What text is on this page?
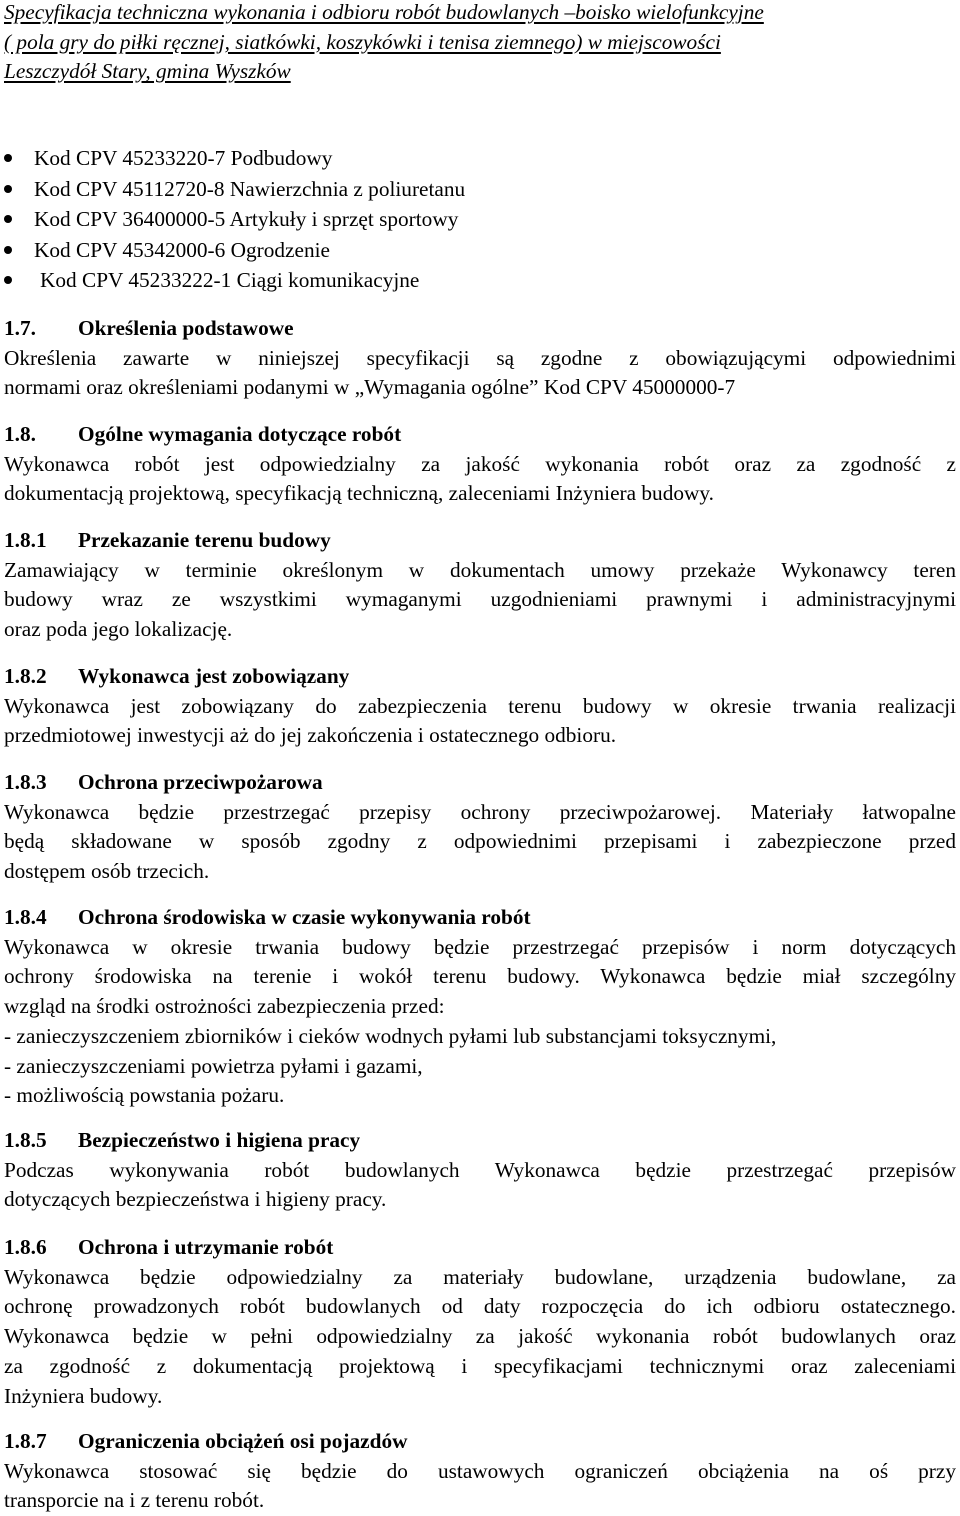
Specyfikacja techniczna wykonania i odbioru robót budowlanych –boisko wielofunkcyjne
( pola gry do piłki ręcznej, siatkówki, koszykówki i tenisa ziemnego) w miejscowości
Leszczydół Stary, gmina Wyszków
Kod CPV 45233220-7 Podbudowy
Kod CPV 45112720-8 Nawierzchnia z poliuretanu
Kod CPV 36400000-5 Artykuły i sprzęt sportowy
Kod CPV 45342000-6 Ogrodzenie
Kod CPV 45233222-1 Ciągi komunikacyjne
1.7. Określenia podstawowe

Określenia zawarte w niniejszej specyfikacji są zgodne z obowiązującymi odpowiednimi

normami oraz określeniami podanymi w „Wymagania ogólne” Kod CPV 45000000-7

1.8. Ogólne wymagania dotyczące robót

Wykonawca robót jest odpowiedzialny za jakość wykonania robót oraz za zgodność z

dokumentacją projektową, specyfikacją techniczną, zaleceniami Inżyniera budowy.

1.8.1 Przekazanie terenu budowy

Zamawiający w terminie określonym w dokumentach umowy przekaże Wykonawcy teren

budowy wraz ze wszystkimi wymaganymi uzgodnieniami prawnymi i administracyjnymi

oraz poda jego lokalizację.

1.8.2 Wykonawca jest zobowiązany

Wykonawca jest zobowiązany do zabezpieczenia terenu budowy w okresie trwania realizacji

przedmiotowej inwestycji aż do jej zakończenia i ostatecznego odbioru.

1.8.3 Ochrona przeciwpożarowa

Wykonawca będzie przestrzegać przepisy ochrony przeciwpożarowej. Materiały łatwopalne

będą składowane w sposób zgodny z odpowiednimi przepisami i zabezpieczone przed

dostępem osób trzecich.

1.8.4 Ochrona środowiska w czasie wykonywania robót

Wykonawca w okresie trwania budowy będzie przestrzegać przepisów i norm dotyczących

ochrony środowiska na terenie i wokół terenu budowy. Wykonawca będzie miał szczególny

wzgląd na środki ostrożności zabezpieczenia przed:

- zanieczyszczeniem zbiorników i cieków wodnych pyłami lub substancjami toksycznymi,

- zanieczyszczeniami powietrza pyłami i gazami,

- możliwością powstania pożaru.

1.8.5 Bezpieczeństwo i higiena pracy

Podczas wykonywania robót budowlanych Wykonawca będzie przestrzegać przepisów

dotyczących bezpieczeństwa i higieny pracy.

1.8.6 Ochrona i utrzymanie robót

Wykonawca będzie odpowiedzialny za materiały budowlane, urządzenia budowlane, za

ochronę prowadzonych robót budowlanych od daty rozpoczęcia do ich odbioru ostatecznego.

Wykonawca będzie w pełni odpowiedzialny za jakość wykonania robót budowlanych oraz

za zgodność z dokumentacją projektową i specyfikacjami technicznymi oraz zaleceniami

Inżyniera budowy.

1.8.7 Ograniczenia obciążeń osi pojazdów

Wykonawca stosować się będzie do ustawowych ograniczeń obciążenia na oś przy

transporcie na i z terenu robót.
